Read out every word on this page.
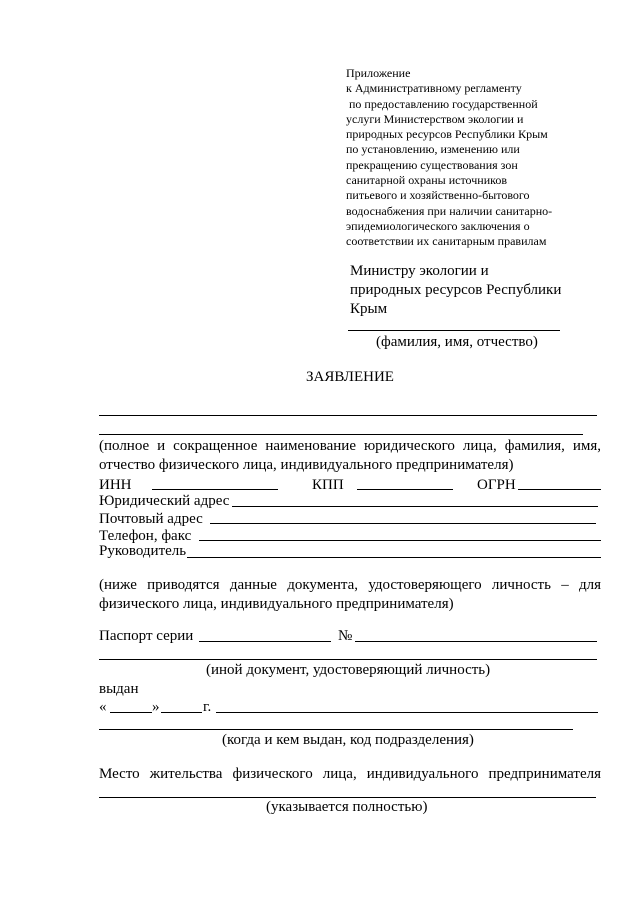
Приложение
к Административному регламенту
по предоставлению государственной
услуги Министерством экологии и
природных ресурсов Республики Крым
по установлению, изменению или
прекращению существования зон
санитарной охраны источников
питьевого и хозяйственно-бытового
водоснабжения при наличии санитарно-
эпидемиологического заключения о
соответствии их санитарным правилам
Министру экологии и
природных ресурсов Республики
Крым
(фамилия, имя, отчество)
ЗАЯВЛЕНИЕ
(полное и сокращенное наименование юридического лица, фамилия, имя, отчество физического лица, индивидуального предпринимателя)
ИНН	КПП	ОГРН
Юридический адрес
Почтовый адрес
Телефон, факс
Руководитель
(ниже приводятся данные документа, удостоверяющего личность – для физического лица, индивидуального предпринимателя)
Паспорт серии	№
(иной документ, удостоверяющий личность)
выдан
«	»	г.
(когда и кем выдан, код подразделения)
Место жительства физического лица, индивидуального предпринимателя
(указывается полностью)
